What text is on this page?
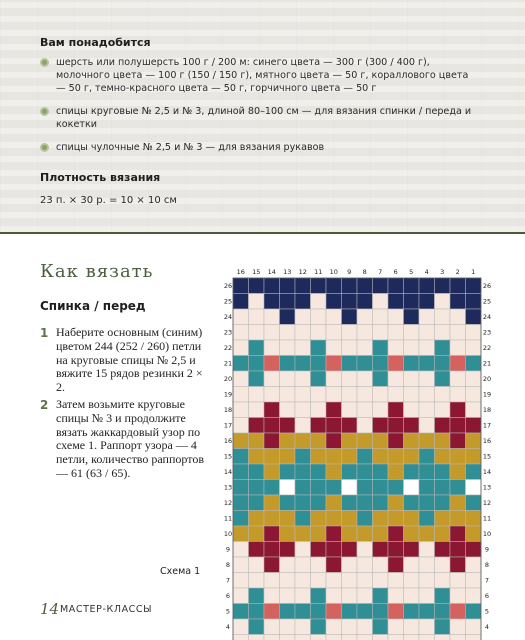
Вам понадобится
шерсть или полушерсть 100 г / 200 м: синего цвета — 300 г (300 / 400 г), молочного цвета — 100 г (150 / 150 г), мятного цвета — 50 г, кораллового цвета — 50 г, темно-красного цвета — 50 г, горчичного цвета — 50 г
спицы круговые № 2,5 и № 3, длиной 80–100 см — для вязания спинки / переда и кокетки
спицы чулочные № 2,5 и № 3 — для вязания рукавов
Плотность вязания
23 п. × 30 р. = 10 × 10 см
Как вязать
Спинка / перед
1 Наберите основным (синим) цветом 244 (252 / 260) петли на круговые спицы № 2,5 и вяжите 15 рядов резинки 2 × 2.
2 Затем возьмите круговые спицы № 3 и продолжите вязать жаккардовый узор по схеме 1. Раппорт узора — 4 петли, количество раппортов — 61 (63 / 65).
16 15 14 13 12 11 10 9 8 7 6 5 4 3 2 1
26	26
25	25
24	24
23	23
22	22
21	21
20	20
19	19
18	18
17	17
16	16
15	15
14	14
13	13
12	12
11	11
10	10
9	9
8	8
7	7
6	6
5	5
4	4
Схема 1
14 МАСТЕР-КЛАССЫ
